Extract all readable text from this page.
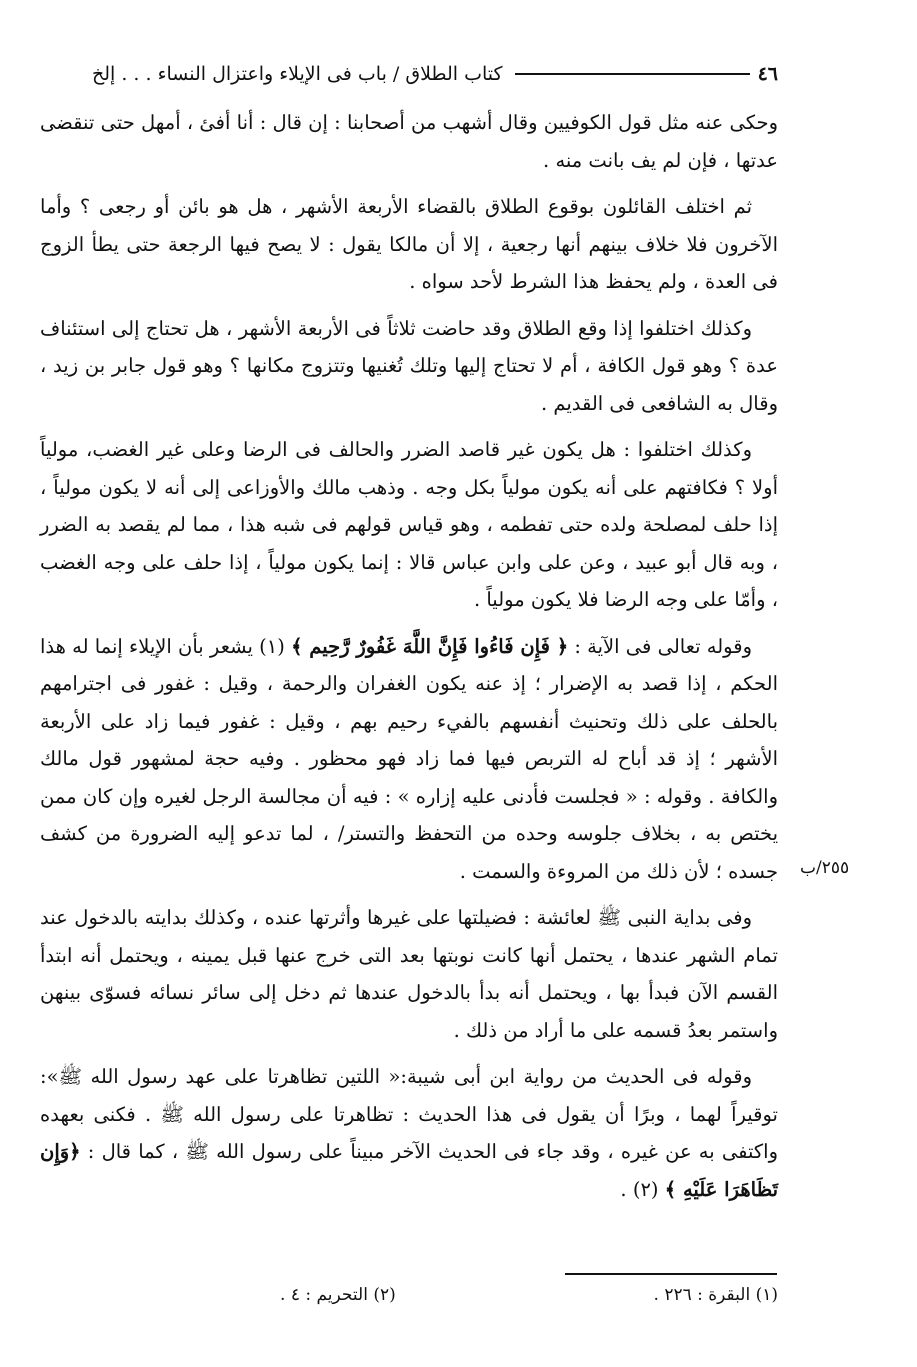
٤٦
كتاب الطلاق / باب فى الإيلاء واعتزال النساء . . . إلخ

وحكى عنه مثل قول الكوفيين وقال أشهب من أصحابنا : إن قال : أنا أفئ ، أمهل حتى تنقضى عدتها ، فإن لم يف بانت منه .

ثم اختلف القائلون بوقوع الطلاق بالقضاء الأربعة الأشهر ، هل هو بائن أو رجعى ؟ وأما الآخرون فلا خلاف بينهم أنها رجعية ، إلا أن مالكا يقول : لا يصح فيها الرجعة حتى يطأ الزوج فى العدة ، ولم يحفظ هذا الشرط لأحد سواه .

وكذلك اختلفوا إذا وقع الطلاق وقد حاضت ثلاثاً فى الأربعة الأشهر ، هل تحتاج إلى استئناف عدة ؟ وهو قول الكافة ، أم لا تحتاج إليها وتلك تُغنيها وتتزوج مكانها ؟ وهو قول جابر بن زيد ، وقال به الشافعى فى القديم .

وكذلك اختلفوا : هل يكون غير قاصد الضرر والحالف فى الرضا وعلى غير الغضب، مولياً أولا ؟ فكافتهم على أنه يكون مولياً بكل وجه . وذهب مالك والأوزاعى إلى أنه لا يكون مولياً ، إذا حلف لمصلحة ولده حتى تفطمه ، وهو قياس قولهم فى شبه هذا ، مما لم يقصد به الضرر ، وبه قال أبو عبيد ، وعن على وابن عباس قالا : إنما يكون مولياً ، إذا حلف على وجه الغضب ، وأمّا على وجه الرضا فلا يكون مولياً .

وقوله تعالى فى الآية : ﴿ فَإِن فَاءُوا فَإِنَّ اللَّهَ غَفُورٌ رَّحِيم ﴾ (١) يشعر بأن الإيلاء إنما له هذا الحكم ، إذا قصد به الإضرار ؛ إذ عنه يكون الغفران والرحمة ، وقيل : غفور فى اجترامهم بالحلف على ذلك وتحنيث أنفسهم بالفيء رحيم بهم ، وقيل : غفور فيما زاد على الأربعة الأشهر ؛ إذ قد أباح له التربص فيها فما زاد فهو محظور . وفيه حجة لمشهور قول مالك والكافة . وقوله : « فجلست فأدنى عليه إزاره » : فيه أن مجالسة الرجل لغيره وإن كان ممن يختص به ، بخلاف جلوسه وحده من التحفظ والتستر/ ، لما تدعو إليه الضرورة من كشف جسده ؛ لأن ذلك من المروءة والسمت .

وفى بداية النبى ﷺ لعائشة : فضيلتها على غيرها وأثرتها عنده ، وكذلك بدايته بالدخول عند تمام الشهر عندها ، يحتمل أنها كانت نوبتها بعد التى خرج عنها قبل يمينه ، ويحتمل أنه ابتدأ القسم الآن فبدأ بها ، ويحتمل أنه بدأ بالدخول عندها ثم دخل إلى سائر نسائه فسوّى بينهن واستمر بعدُ قسمه على ما أراد من ذلك .

وقوله فى الحديث من رواية ابن أبى شيبة:« اللتين تظاهرتا على عهد رسول الله ﷺ»: توقيراً لهما ، وبرًا أن يقول فى هذا الحديث : تظاهرتا على رسول الله ﷺ . فكنى بعهده واكتفى به عن غيره ، وقد جاء فى الحديث الآخر مبيناً على رسول الله ﷺ ، كما قال : ﴿وَإِن تَظَاهَرَا عَلَيْهِ ﴾ (٢) .

٢٥٥/ب
(١) البقرة : ٢٢٦ .
(٢) التحريم : ٤ .
